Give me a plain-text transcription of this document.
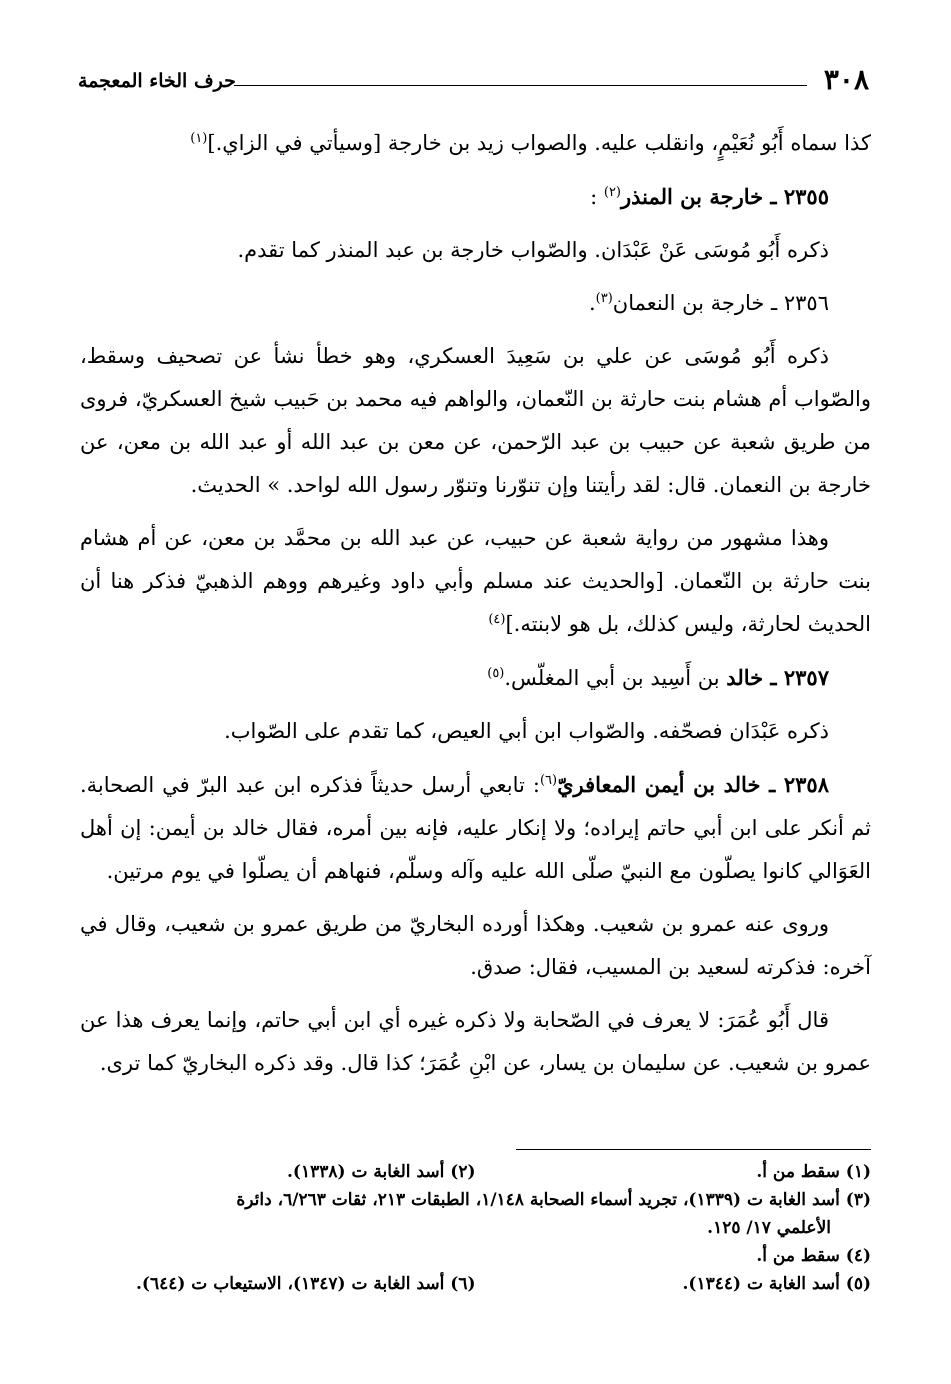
٣٠٨
حرف الخاء المعجمة

كذا سماه أَبُو نُعَيْمٍ، وانقلب عليه. والصواب زيد بن خارجة [وسيأتي في الزاي.]$^{(١)}$

٢٣٥٥ ـ خارجة بن المنذر$^{(٢)}$ :

ذكره أَبُو مُوسَى عَنْ عَبْدَان. والصّواب خارجة بن عبد المنذر كما تقدم.

٢٣٥٦ ـ خارجة بن النعمان$^{(٣)}$.

ذكره أَبُو مُوسَى عن علي بن سَعِيدَ العسكري، وهو خطأ نشأ عن تصحيف وسقط، والصّواب أم هشام بنت حارثة بن النّعمان، والواهم فيه محمد بن حَبيب شيخ العسكريّ، فروى من طريق شعبة عن حبيب بن عبد الرّحمن، عن معن بن عبد الله أو عبد الله بن معن، عن خارجة بن النعمان. قال: لقد رأيتنا وإن تنوّرنا وتنوّر رسول الله لواحد. » الحديث.

وهذا مشهور من رواية شعبة عن حبيب، عن عبد الله بن محمَّد بن معن، عن أم هشام بنت حارثة بن النّعمان. [والحديث عند مسلم وأبي داود وغيرهم ووهم الذهبيّ فذكر هنا أن الحديث لحارثة، وليس كذلك، بل هو لابنته.]$^{(٤)}$

٢٣٥٧ ـ خالد بن أَسِيد بن أبي المغلّس.$^{(٥)}$

ذكره عَبْدَان فصحّفه. والصّواب ابن أبي العيص، كما تقدم على الصّواب.

٢٣٥٨ ـ خالد بن أيمن المعافريّ$^{(٦)}$: تابعي أرسل حديثاً فذكره ابن عبد البرّ في الصحابة. ثم أنكر على ابن أبي حاتم إيراده؛ ولا إنكار عليه، فإنه بين أمره، فقال خالد بن أيمن: إن أهل العَوَالي كانوا يصلّون مع النبيّ صلّى الله عليه وآله وسلّم، فنهاهم أن يصلّوا في يوم مرتين.

وروى عنه عمرو بن شعيب. وهكذا أورده البخاريّ من طريق عمرو بن شعيب، وقال في آخره: فذكرته لسعيد بن المسيب، فقال: صدق.

قال أَبُو عُمَرَ: لا يعرف في الصّحابة ولا ذكره غيره أي ابن أبي حاتم، وإنما يعرف هذا عن عمرو بن شعيب. عن سليمان بن يسار، عن ابْنِ عُمَرَ؛ كذا قال. وقد ذكره البخاريّ كما ترى.

(١) سقط من أ.
(٢) أسد الغابة ت (١٣٣٨).
(٣) أسد الغابة ت (١٣٣٩)، تجريد أسماء الصحابة ١/١٤٨، الطبقات ٢١٣، ثقات ٦/٢٦٣، دائرة
الأعلمي ١٧/ ١٢٥.
(٤) سقط من أ.
(٥) أسد الغابة ت (١٣٤٤).
(٦) أسد الغابة ت (١٣٤٧)، الاستيعاب ت (٦٤٤).
